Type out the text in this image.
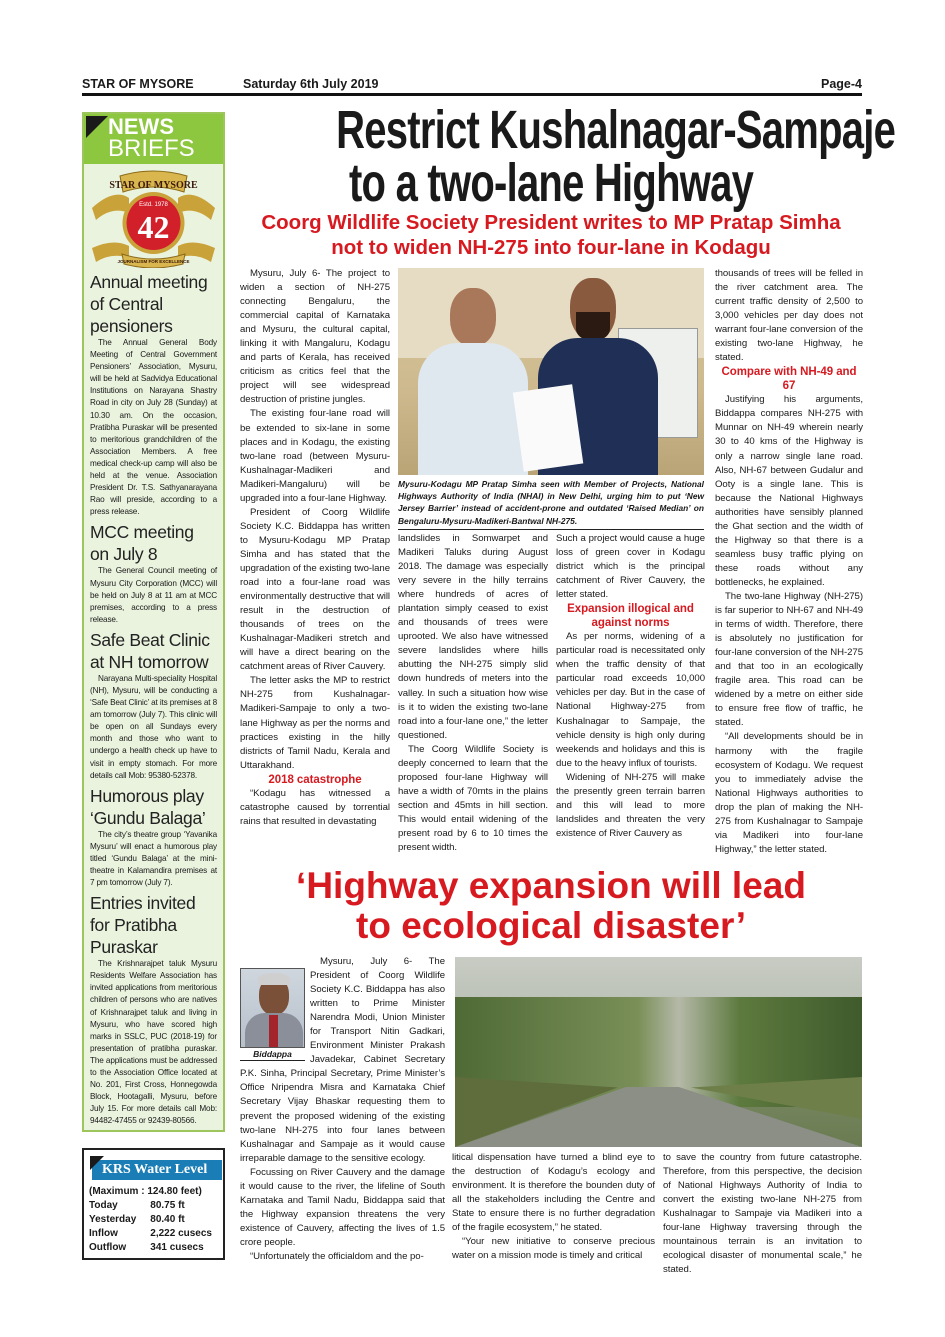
STAR OF MYSORE	Saturday 6th July 2019	Page-4
NEWS
BRIEFS
STAR OF MYSORE
Estd. 1978
42
JOURNALISM FOR EXCELLENCE
Annual meeting of Central pensioners

The Annual General Body Meeting of Central Government Pensioners’ Association, Mysuru, will be held at Sadvidya Educational Institutions on Narayana Shastry Road in city on July 28 (Sunday) at 10.30 am. On the occasion, Pratibha Puraskar will be presented to meritorious grandchildren of the Association Members. A free medical check-up camp will also be held at the venue. Association President Dr. T.S. Sathyanarayana Rao will preside, according to a press release.

MCC meeting on July 8

The General Council meeting of Mysuru City Corporation (MCC) will be held on July 8 at 11 am at MCC premises, according to a press release.

Safe Beat Clinic at NH tomorrow

Narayana Multi-speciality Hospital (NH), Mysuru, will be conducting a ‘Safe Beat Clinic’ at its premises at 8 am tomorrow (July 7). This clinic will be open on all Sundays every month and those who want to undergo a health check up have to visit in empty stomach. For more details call Mob: 95380-52378.

Humorous play ‘Gundu Balaga’

The city’s theatre group ‘Yavanika Mysuru’ will enact a humorous play titled ‘Gundu Balaga’ at the mini-theatre in Kalamandira premises at 7 pm tomorrow (July 7).

Entries invited for Pratibha Puraskar

The Krishnarajpet taluk Mysuru Residents Welfare Association has invited applications from meritorious children of persons who are natives of Krishnarajpet taluk and living in Mysuru, who have scored high marks in SSLC, PUC (2018-19) for presentation of pratibha puraskar. The applications must be addressed to the Association Office located at No. 201, First Cross, Honnegowda Block, Hootagalli, Mysuru, before July 15. For more details call Mob: 94482-47455 or 92439-80566.

KRS Water Level
(Maximum : 124.80 feet)	
Today	80.75 ft
Yesterday	80.40 ft
Inflow	2,222 cusecs
Outflow	341 cusecs
Restrict Kushalnagar-Sampaje
to a two-lane Highway
Coorg Wildlife Society President writes to MP Pratap Simha
not to widen NH-275 into four-lane in Kodagu

Mysuru, July 6- The project to widen a section of NH-275 connecting Bengaluru, the commercial capital of Karnataka and Mysuru, the cultural capital, linking it with Mangaluru, Kodagu and parts of Kerala, has received criticism as critics feel that the project will see widespread destruction of pristine jungles.

The existing four-lane road will be extended to six-lane in some places and in Kodagu, the existing two-lane road (between Mysuru-Kushalnagar-Madikeri and Madikeri-Mangaluru) will be upgraded into a four-lane Highway.

President of Coorg Wildlife Society K.C. Biddappa has written to Mysuru-Kodagu MP Pratap Simha and has stated that the upgradation of the existing two-lane road into a four-lane road was environmentally destructive that will result in the destruction of thousands of trees on the Kushalnagar-Madikeri stretch and will have a direct bearing on the catchment areas of River Cauvery.

The letter asks the MP to restrict NH-275 from Kushalnagar-Madikeri-Sampaje to only a two-lane Highway as per the norms and practices existing in the hilly districts of Tamil Nadu, Kerala and Uttarakhand.

2018 catastrophe

“Kodagu has witnessed a catastrophe caused by torrential rains that resulted in devastating

Mysuru-Kodagu MP Pratap Simha seen with Member of Projects, National Highways Authority of India (NHAI) in New Delhi, urging him to put ‘New Jersey Barrier’ instead of accident-prone and outdated ‘Raised Median’ on Bengaluru-Mysuru-Madikeri-Bantwal NH-275.

landslides in Somwarpet and Madikeri Taluks during August 2018. The damage was especially very severe in the hilly terrains where hundreds of acres of plantation simply ceased to exist and thousands of trees were uprooted. We also have witnessed severe landslides where hills abutting the NH-275 simply slid down hundreds of meters into the valley. In such a situation how wise is it to widen the existing two-lane road into a four-lane one,” the letter questioned.

The Coorg Wildlife Society is deeply concerned to learn that the proposed four-lane Highway will have a width of 70mts in the plains section and 45mts in hill section. This would entail widening of the present road by 6 to 10 times the present width.

Such a project would cause a huge loss of green cover in Kodagu district which is the principal catchment of River Cauvery, the letter stated.

Expansion illogical and against norms

As per norms, widening of a particular road is necessitated only when the traffic density of that particular road exceeds 10,000 vehicles per day. But in the case of National Highway-275 from Kushalnagar to Sampaje, the vehicle density is high only during weekends and holidays and this is due to the heavy influx of tourists.

Widening of NH-275 will make the presently green terrain barren and this will lead to more landslides and threaten the very existence of River Cauvery as

thousands of trees will be felled in the river catchment area. The current traffic density of 2,500 to 3,000 vehicles per day does not warrant four-lane conversion of the existing two-lane Highway, he stated.

Compare with NH-49 and 67

Justifying his arguments, Biddappa compares NH-275 with Munnar on NH-49 wherein nearly 30 to 40 kms of the Highway is only a narrow single lane road. Also, NH-67 between Gudalur and Ooty is a single lane. This is because the National Highways authorities have sensibly planned the Ghat section and the width of the Highway so that there is a seamless busy traffic plying on these roads without any bottlenecks, he explained.

The two-lane Highway (NH-275) is far superior to NH-67 and NH-49 in terms of width. Therefore, there is absolutely no justification for four-lane conversion of the NH-275 and that too in an ecologically fragile area. This road can be widened by a metre on either side to ensure free flow of traffic, he stated.

“All developments should be in harmony with the fragile ecosystem of Kodagu. We request you to immediately advise the National Highways authorities to drop the plan of making the NH-275 from Kushalnagar to Sampaje via Madikeri into four-lane Highway,” the letter stated.

‘Highway expansion will lead
to ecological disaster’

Mysuru, July 6- The President of Coorg Wildlife Society K.C. Biddappa has also written to Prime Minister Narendra Modi, Union Minister for Transport Nitin Gadkari, Environment Minister Prakash Javadekar, Cabinet Secretary P.K. Sinha, Principal Secretary, Prime Minister’s Office Nripendra Misra and Karnataka Chief Secretary Vijay Bhaskar requesting them to prevent the proposed widening of the existing two-lane NH-275 into four lanes between Kushalnagar and Sampaje as it would cause irreparable damage to the sensitive ecology.

Focussing on River Cauvery and the damage it would cause to the river, the lifeline of South Karnataka and Tamil Nadu, Biddappa said that the Highway expansion threatens the very existence of Cauvery, affecting the lives of 1.5 crore people.

“Unfortunately the officialdom and the po-

Biddappa

litical dispensation have turned a blind eye to the destruction of Kodagu’s ecology and environment. It is therefore the bounden duty of all the stakeholders including the Centre and State to ensure there is no further degradation of the fragile ecosystem,” he stated.

“Your new initiative to conserve precious water on a mission mode is timely and critical

to save the country from future catastrophe. Therefore, from this perspective, the decision of National Highways Authority of India to convert the existing two-lane NH-275 from Kushalnagar to Sampaje via Madikeri into a four-lane Highway traversing through the mountainous terrain is an invitation to ecological disaster of monumental scale,” he stated.
